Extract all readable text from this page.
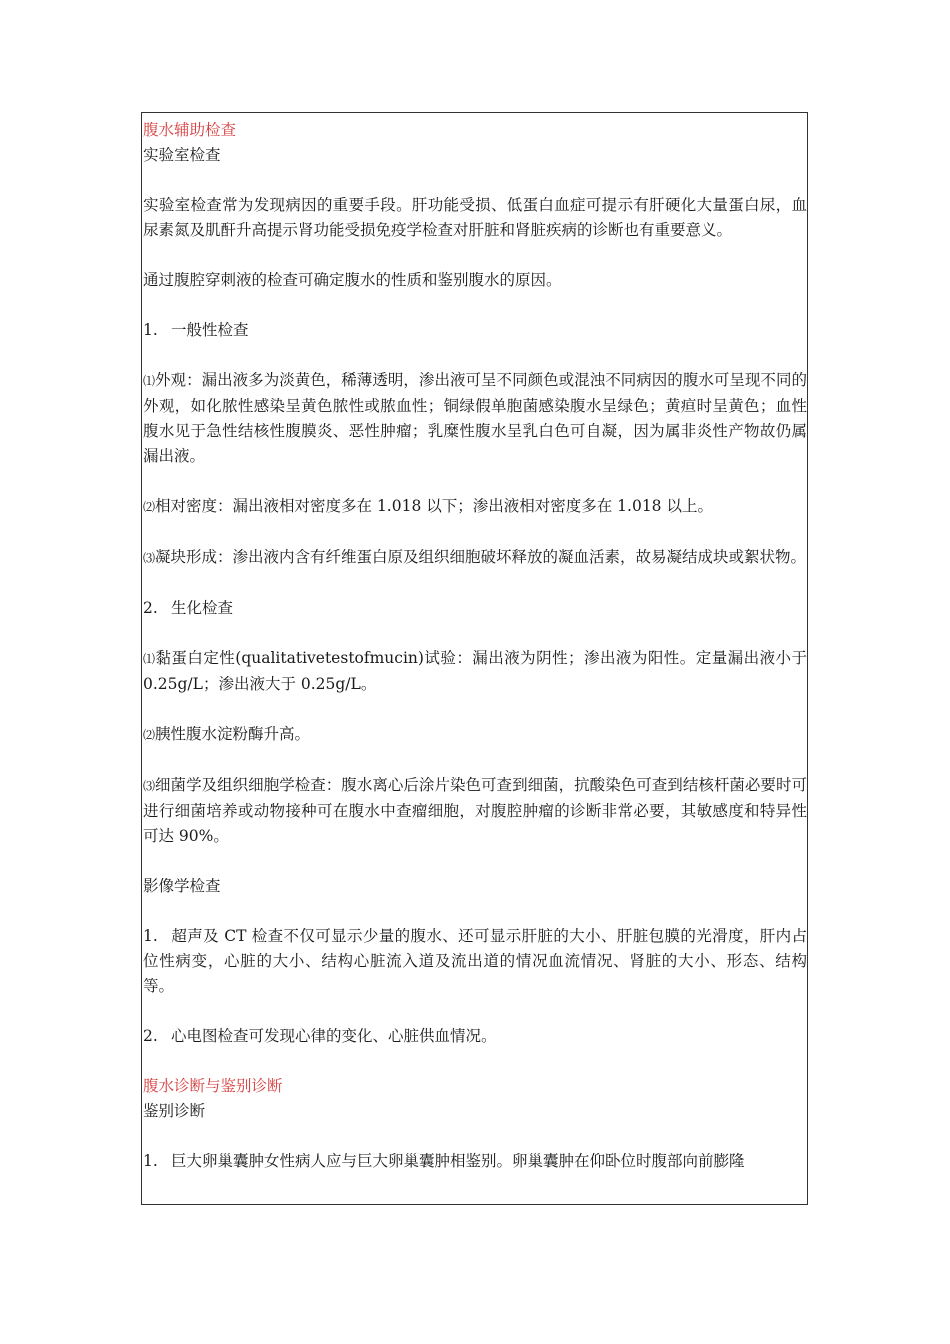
腹水辅助检查

实验室检查

实验室检查常为发现病因的重要手段。肝功能受损、低蛋白血症可提示有肝硬化大量蛋白尿，血尿素氮及肌酐升高提示肾功能受损免疫学检查对肝脏和肾脏疾病的诊断也有重要意义。

通过腹腔穿刺液的检查可确定腹水的性质和鉴别腹水的原因。

1. 一般性检查

⑴外观：漏出液多为淡黄色，稀薄透明，渗出液可呈不同颜色或混浊不同病因的腹水可呈现不同的外观，如化脓性感染呈黄色脓性或脓血性；铜绿假单胞菌感染腹水呈绿色；黄疸时呈黄色；血性腹水见于急性结核性腹膜炎、恶性肿瘤；乳糜性腹水呈乳白色可自凝，因为属非炎性产物故仍属漏出液。

⑵相对密度：漏出液相对密度多在 1.018 以下；渗出液相对密度多在 1.018 以上。

⑶凝块形成：渗出液内含有纤维蛋白原及组织细胞破坏释放的凝血活素，故易凝结成块或絮状物。

2. 生化检查

⑴黏蛋白定性(qualitativetestofmucin)试验：漏出液为阴性；渗出液为阳性。定量漏出液小于 0.25g/L；渗出液大于 0.25g/L。

⑵胰性腹水淀粉酶升高。

⑶细菌学及组织细胞学检查：腹水离心后涂片染色可查到细菌，抗酸染色可查到结核杆菌必要时可进行细菌培养或动物接种可在腹水中查瘤细胞，对腹腔肿瘤的诊断非常必要，其敏感度和特异性可达 90%。

影像学检查

1. 超声及 CT 检查不仅可显示少量的腹水、还可显示肝脏的大小、肝脏包膜的光滑度，肝内占位性病变，心脏的大小、结构心脏流入道及流出道的情况血流情况、肾脏的大小、形态、结构等。

2. 心电图检查可发现心律的变化、心脏供血情况。

腹水诊断与鉴别诊断

鉴别诊断

1. 巨大卵巢囊肿女性病人应与巨大卵巢囊肿相鉴别。卵巢囊肿在仰卧位时腹部向前膨隆
